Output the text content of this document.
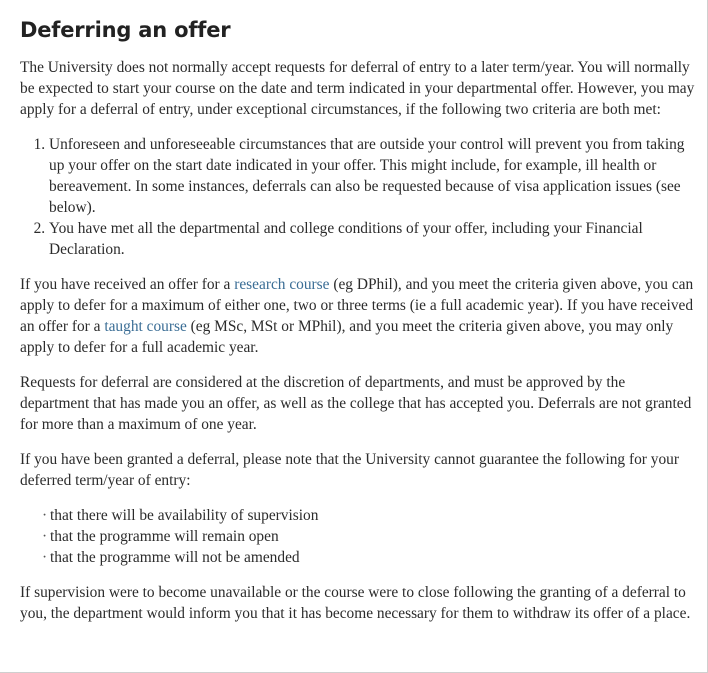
Deferring an offer

The University does not normally accept requests for deferral of entry to a later term/year. You will normally be expected to start your course on the date and term indicated in your departmental offer. However, you may apply for a deferral of entry, under exceptional circumstances, if the following two criteria are both met:

1. Unforeseen and unforeseeable circumstances that are outside your control will prevent you from taking up your offer on the start date indicated in your offer. This might include, for example, ill health or bereavement. In some instances, deferrals can also be requested because of visa application issues (see below).
2. You have met all the departmental and college conditions of your offer, including your Financial Declaration.

If you have received an offer for a research course (eg DPhil), and you meet the criteria given above, you can apply to defer for a maximum of either one, two or three terms (ie a full academic year). If you have received an offer for a taught course (eg MSc, MSt or MPhil), and you meet the criteria given above, you may only apply to defer for a full academic year.

Requests for deferral are considered at the discretion of departments, and must be approved by the department that has made you an offer, as well as the college that has accepted you. Deferrals are not granted for more than a maximum of one year.

If you have been granted a deferral, please note that the University cannot guarantee the following for your deferred term/year of entry:

· that there will be availability of supervision
· that the programme will remain open
· that the programme will not be amended

If supervision were to become unavailable or the course were to close following the granting of a deferral to you, the department would inform you that it has become necessary for them to withdraw its offer of a place.
